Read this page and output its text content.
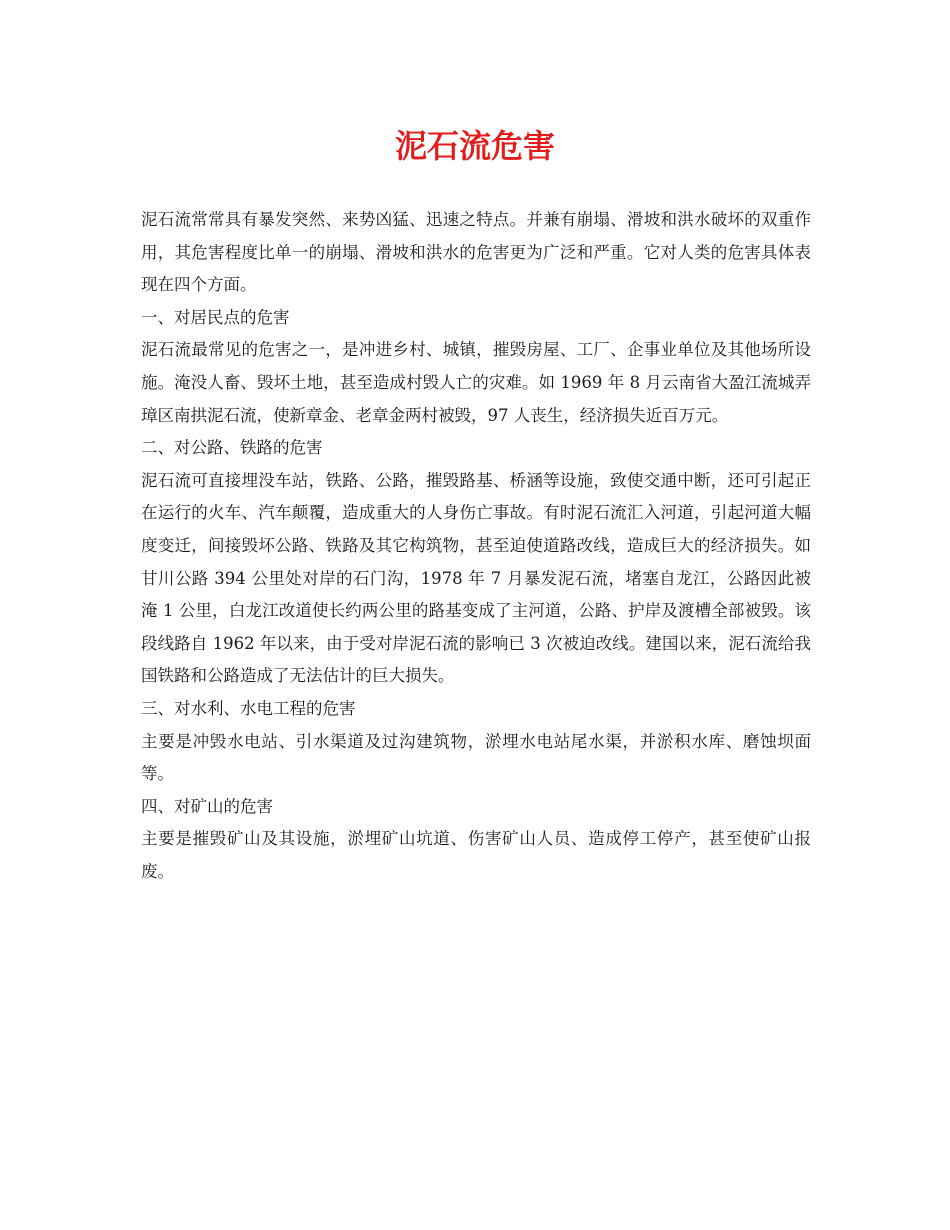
泥石流危害

泥石流常常具有暴发突然、来势凶猛、迅速之特点。并兼有崩塌、滑坡和洪水破坏的双重作用，其危害程度比单一的崩塌、滑坡和洪水的危害更为广泛和严重。它对人类的危害具体表现在四个方面。

一、对居民点的危害

泥石流最常见的危害之一，是冲进乡村、城镇，摧毁房屋、工厂、企事业单位及其他场所设施。淹没人畜、毁坏土地，甚至造成村毁人亡的灾难。如 1969 年 8 月云南省大盈江流城弄璋区南拱泥石流，使新章金、老章金两村被毁，97 人丧生，经济损失近百万元。

二、对公路、铁路的危害

泥石流可直接埋没车站，铁路、公路，摧毁路基、桥涵等设施，致使交通中断，还可引起正在运行的火车、汽车颠覆，造成重大的人身伤亡事故。有时泥石流汇入河道，引起河道大幅度变迁，间接毁坏公路、铁路及其它构筑物，甚至迫使道路改线，造成巨大的经济损失。如甘川公路 394 公里处对岸的石门沟，1978 年 7 月暴发泥石流，堵塞自龙江，公路因此被淹 1 公里，白龙江改道使长约两公里的路基变成了主河道，公路、护岸及渡槽全部被毁。该段线路自 1962 年以来，由于受对岸泥石流的影响已 3 次被迫改线。建国以来，泥石流给我国铁路和公路造成了无法估计的巨大损失。

三、对水利、水电工程的危害

主要是冲毁水电站、引水渠道及过沟建筑物，淤埋水电站尾水渠，并淤积水库、磨蚀坝面等。

四、对矿山的危害

主要是摧毁矿山及其设施，淤埋矿山坑道、伤害矿山人员、造成停工停产，甚至使矿山报废。
